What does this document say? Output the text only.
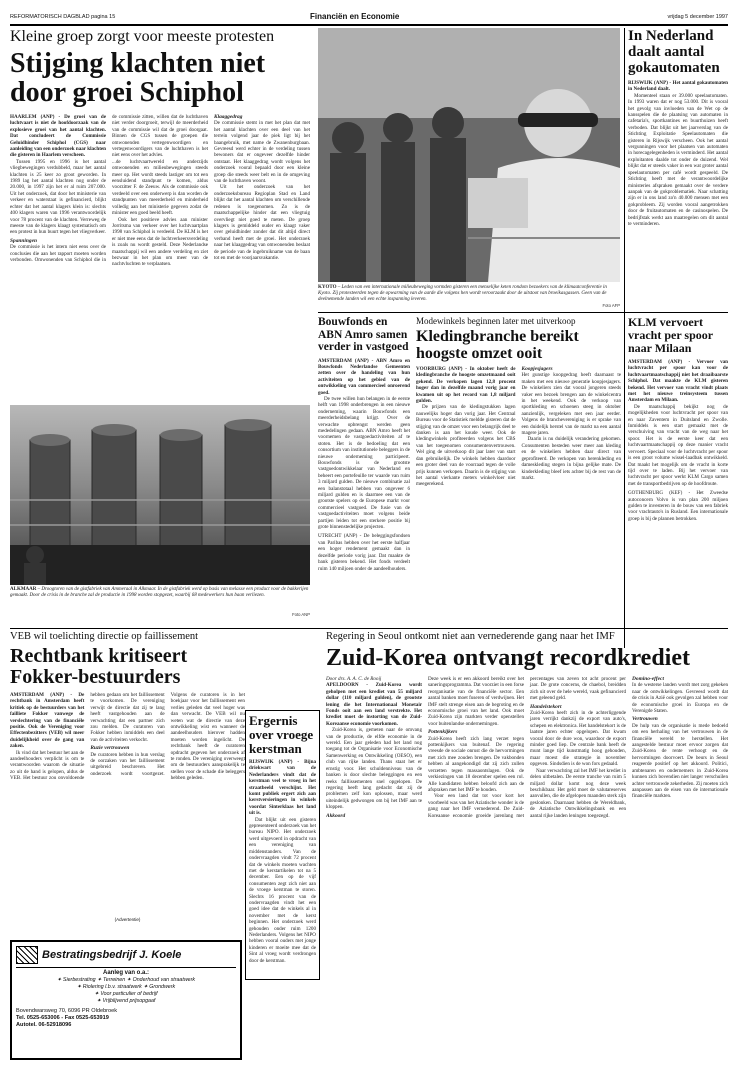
REFORMATORISCH DAGBLAD pagina 15	Financiën en Economie	vrijdag 5 december 1997
Kleine groep zorgt voor meeste protesten
Stijging klachten niet door groei Schiphol

HAARLEM (ANP) - De groei van de luchtvaart is niet de hoofdoorzaak van de explosieve groei van het aantal klachten. Dat concludeert de Commissie Geluidhinder Schiphol (CGS) naar aanleiding van een onderzoek naar klachten die gisteren in Haarlem verscheen.

Tussen 1995 en 1996 is het aantal vliegbewegingen verdubbeld, maar het aantal klachten is 25 keer zo groot geworden. In 1989 lag het aantal klachten nog onder de 20.000, in 1997 zijn het er al ruim 207.000. Uit het onderzoek, dat door het ministerie van verkeer en waterstaat is gefinancierd, blijkt echter dat het aantal klagers klein is: slechts 400 klagers waren van 1996 verantwoordelijk voor 78 procent van de klachten. Verreweg de meeste van de klagers klaagt systematisch om een protest in hun buurt tegen het vliegverkeer.

Spanningen

De commissie is het intern niet eens over de conclusies die aan het rapport moeten worden verbonden. Omwonenden van Schiphol die in de commissie zitten, willen dat de luchthaven niet verder doorgroeit, terwijl de meerderheid van de commissie wil dat de groei doorgaat. Binnen de CGS tussen de groepen die omwonenden vertegenwoordigen en vertegenwoordigers van de luchthaven is het niet eens over het advies.

...de luchtvaartwereld en anderzijds omwonenden en milieubewegingen steeds meer op. Het wordt steeds lastiger om tot een eensluidend standpunt te komen, aldus voorzitter F. de Zeeuw. Als de commissie ook verdeeld over een onderwerp is dan worden de standpunten van meerderheid en minderheid volledig aan het ministerie gegeven zodat de minister een goed beeld heeft.

Ook het positieve advies aan minister Jorritsma van verkeer over het luchtvaartplan 1998 van Schiphol is verdeeld. De KLM is het er niet mee eens dat de luchtverkeersverdeling is zoals nu wordt gesteld. Deze Nederlandse maatschappij wil een andere verdeling en ziet bezwaar in het plan om meer van de nachtvluchten te verplaatsen.

Klaaggedrag

De commissie stemt in met het plan dat met het aantal klachten over een deel van het terrein volgend jaar de piek ligt bij het baangebruik, met name de Zwanenburgbaan. Gevreesd werd echter in de verdeling tussen bewoners dat er ongeveer dezelfde hinder ontstaat. Het klaaggedrag wordt volgens het onderzoek vooral bepaald door een kleine groep die steeds weer belt en in de omgeving van de luchthaven woont.

Uit het onderzoek van het onderzoeksbureau Regioplan Stad en Land blijkt dat het aantal klachten om verschillende redenen is toegenomen. Zo is de maatschappelijke hinder dat een vliegtuig overvliegt niet goed te meten. De groep klagers is gemiddeld ouder en klaagt vaker over geluidhinder zonder dat dit altijd direct verband heeft met de groei. Het onderzoek naar het klaaggedrag van omwonenden beslaat de periode van de ingebruikname van de baan tot en met de voorjaarsvakantie.

ALKMAAR – Droogtoren van de gistfabriek van Ammeraal in Alkmaar. In de gistfabriek werd op basis van melasse een product voor de bakkerijen gemaakt. Door de crisis in de branche zal de productie in 1998 worden stopgezet, waarbij 68 medewerkers hun baan verliezen.
Foto ANP
KYOTO – Leden van een internationale milieubeweging vormden gisteren een menselijke keten rondom bezoekers van de klimaatconferentie in Kyoto. Zij protesteerden tegen de opwarming van de aarde die volgens hen wordt veroorzaakt door de uitstoot van broeikasgassen. Geen van de deelnemende landen wil een echte inspanning leveren.
Foto AFP
In Nederland daalt aantal gokautomaten

RIJSWIJK (ANP) - Het aantal gokautomaten in Nederland daalt.

Momenteel staan er 39.000 speelautomaten. In 1993 waren dat er nog 53.000. Dit is vooral het gevolg van invloeden van de Wet op de kansspelen die de plaatsing van automaten in cafetaria's, sportkantines en buurthuizen heeft verboden. Dat blijkt uit het jaarverslag van de Stichting Exploitatie Speelautomaten die gisteren in Rijswijk verscheen. Ook het aantal vergunningen voor het plaatsen van automaten in horecagelegenheden is verminderd. Het aantal exploitanten daalde tot onder de duizend. Wel blijkt dat er steeds vaker in een wat groter aantal speelautomaten per café wordt gespeeld. De Stichting heeft met de verantwoordelijke ministeries afspraken gemaakt over de verdere aanpak van de gokproblematiek. Naar schatting zijn er in ons land zo'n 40.000 mensen met een gokprobleem. Zij worden vooral aangetrokken door de fruitautomaten en de casinospelen. De bedrijfstak werkt aan maatregelen om dit aantal te verminderen.

Bouwfonds en ABN Amro samen verder in vastgoed

AMSTERDAM (ANP) - ABN Amro en Bouwfonds Nederlandse Gemeenten zetten over de handeling van hun activiteiten op het gebied van de ontwikkeling van commercieel onroerend goed.

De twee willen hun belangen in de eerste helft van 1998 onderbrengen in een nieuwe onderneming, waarin Bouwfonds een meerderheidsbelang krijgt. Over de verwachte opbrengst werden geen mededelingen gedaan. ABN Amro heeft het voornemen de vastgoedactiviteiten af te stoten. Het is de bedoeling dat een consortium van institutionele beleggers in de nieuwe onderneming participeert. Bouwfonds is de grootste vastgoedontwikkelaar van Nederland en beheert een portefeuille ter waarde van ruim 3 miljard gulden. De nieuwe combinatie zal een balanstotaal hebben van ongeveer 6 miljard gulden en is daarmee een van de grootste spelers op de Europese markt voor commercieel vastgoed. De fusie van de vastgoedactiviteiten moet volgens beide partijen leiden tot een sterkere positie bij grote binnenstedelijke projecten.

UTRECHT (ANP) - De beleggingsfondsen van Paribas hebben over het eerste halfjaar een hoger rendement gemaakt dan in dezelfde periode vorig jaar. Dat maakte de bank gisteren bekend. Het fonds verdeelt ruim 140 miljoen onder de aandeelhouders.

Modewinkels beginnen later met uitverkoop
Kledingbranche bereikt hoogste omzet ooit

VOORBURG (ANP) - In oktober heeft de kledingbranche de hoogste omzetmaand ooit gekend. De verkopen lagen 12,8 procent hoger dan in dezelfde maand vorig jaar en kwamen uit op het record van 1,8 miljard gulden.

De prijzen van de kledingstukken lagen nauwelijks hoger dan vorig jaar. Het Centraal Bureau voor de Statistiek meldde gisteren dat de stijging van de omzet voor een belangrijk deel te danken is aan het koude weer. Ook de kledingwinkels profiteerden volgens het CBS van het toegenomen consumentenvertrouwen. Wel ging de uitverkoop dit jaar later van start dan gebruikelijk. De winkels hebben daardoor een groter deel van de voorraad tegen de volle prijs kunnen verkopen. Daarin is de stijging van het aantal vierkante meters winkelvloer niet meegerekend.

Koopjesjagers

Het gunstige koopgedrag heeft daarnaast te maken met een nieuwe generatie koopjesjagers. De winkeliers zien dat vooral jongeren steeds vaker een bezoek brengen aan de winkelcentra in het weekend. Ook de verkoop van sportkleding en schoenen steeg in oktober aanzienlijk, vergeleken met een jaar eerder. Volgens de branchevereniging is er sprake van een duidelijk herstel van de markt na een aantal magere jaren.

Daarin is nu duidelijk verandering gekomen. Consumenten besteden weer meer aan kleding en de winkeliers hebben daar direct van geprofiteerd. De verkopen van herenkleding en dameskleding stegen in bijna gelijke mate. De kinderkleding bleef iets achter bij de rest van de markt.

KLM vervoert vracht per spoor naar Milaan

AMSTERDAM (ANP) - Vervoer van luchtvracht per spoor kan voor de luchtvaartmaatschappij niet het draaibaarste Schiphol. Dat maakte de KLM gisteren bekend. Het vervoer van vracht vindt plaats met het nieuwe treinsysteem tussen Amsterdam en Milaan.

De maatschappij bekijkt nog de mogelijkheden voor luchtvracht per spoor van en naar Zaventem in Duitsland en Zwolle. Inmiddels is een start gemaakt met de verschuiving van vracht van de weg naar het spoor. Het is de eerste keer dat een luchtvaartmaatschappij op deze manier vracht vervoert. Speciaal voor de luchtvracht per spoor is een groot volume wissel-laadbak ontwikkeld. Dat maakt het mogelijk om de vracht in korte tijd over te laden. Bij het vervoer van luchtvracht per spoor werkt KLM Cargo samen met de transportbedrijven op de hoofdroute.

GOTHENBURG (KEF) - Het Zweedse autoconcern Volvo is van plan 200 miljoen gulden te investeren in de bouw van een fabriek voor vrachtauto's in Rusland. Een internationale groep is bij de plannen betrokken.

VEB wil toelichting directie op faillissement
Rechtbank kritiseert Fokker-bestuurders

AMSTERDAM (ANP) - De rechtbank in Amsterdam heeft kritiek op de bestuurders van het failliete Fokker vanwege de verslechtering van de financiële positie. Ook de Vereniging voor Effectenbezitters (VEB) wil meer duidelijkheid over de gang van zaken.

Ik vind dat het bestuur het aan de aandeelhouders verplicht is om te verantwoorden waarom de situatie zo uit de hand is gelopen, aldus de VEB. Het bestuur zou onvoldoende hebben gedaan om het faillissement te voorkomen. De vereniging verwijt de directie dat zij te lang heeft vastgehouden aan de verwachting dat een partner zich zou melden. De curatoren van Fokker hebben inmiddels een deel van de activiteiten verkocht.

Ruzie vertrouwen

De curatoren hebben in hun verslag de oorzaken van het faillissement uitgebreid beschreven. Het onderzoek wordt voortgezet. Volgens de curatoren is in het boekjaar voor het faillissement een verlies geleden dat veel hoger was dan verwacht. De VEB wil nu weten wat de directie van deze ontwikkeling wist en wanneer de aandeelhouders hierover hadden moeten worden ingelicht. De rechtbank heeft de curatoren opdracht gegeven het onderzoek af te ronden. De vereniging overweegt om de bestuurders aansprakelijk te stellen voor de schade die beleggers hebben geleden.

(Advertentie)
Ergernis over vroege kerstman

RIJSWIJK (ANP) - Bijna driekwart van de Nederlanders vindt dat de kerstman veel te vroeg in het straatbeeld verschijnt. Het komt publiek ergert zich aan kerstversieringen in winkels voordat Sinterklaas het land uit is.

Dat blijkt uit een gisteren gepresenteerd onderzoek van het bureau NIPO. Het onderzoek werd uitgevoerd in opdracht van een vereniging van middenstanders. Van de ondervraagden vindt 72 procent dat de winkels moeten wachten met de kerstartikelen tot na 5 december. Een op de vijf consumenten zegt zich niet aan de vroege kerstman te storen. Slechts 16 procent van de ondervraagden vindt het een goed idee dat de winkels al in november met de kerst beginnen. Het onderzoek werd gehouden onder ruim 1200 Nederlanders. Volgens het NIPO hebben vooral ouders met jonge kinderen er moeite mee dat de Sint al vroeg wordt verdrongen door de kerstman.

Bestratingsbedrijf J. Koele
Aanleg van o.a.:
✦ Sierbestrating ✦ Terreinen ✦ Onderhoud van straatwerk
✦ Riolering l.b.v. straatwerk ✦ Grondwerk
✦ Voor particulier of bedrijf
✦ Vrijblijvend prijsopgaaf
Bovendwarsweg 70, 6096 PR Oldebroek
Tel. 0525-653006 - Fax 0525-653919
Autotel. 06-52918096
Regering in Seoul ontkomt niet aan vernederende gang naar het IMF
Zuid-Korea ontvangt recordkrediet

Door drs. A. A. C. de Rooij

APELDOORN - Zuid-Korea wordt geholpen met een krediet van 55 miljard dollar (110 miljard gulden), de grootste lening die het Internationaal Monetair Fonds ooit aan een land verstrekte. Het krediet moet de instorting van de Zuid-Koreaanse economie voorkomen.

Zuid-Korea is, gemeten naar de omvang van de productie, de elfde economie in de wereld. Een jaar geleden had het land nog toegang tot de Organisatie voor Economische Samenwerking en Ontwikkeling (OESO), een club van rijke landen. Thans staat het er ernstig voor. Het schuldenniveau van de banken is door slechte beleggingen en een reeks faillissementen snel opgelopen. De regering heeft lang gedacht dat zij de problemen zelf kon oplossen, maar werd uiteindelijk gedwongen om bij het IMF aan te kloppen.

Akkoord

Deze week is er een akkoord bereikt over het saneringsprogramma. Dat voorziet in een forse reorganisatie van de financiële sector. Een aantal banken moet fuseren of verdwijnen. Het IMF stelt strenge eisen aan de begroting en de economische groei van het land. Ook moet Zuid-Korea zijn markten verder openstellen voor buitenlandse ondernemingen.

Pottenkijkers

Zuid-Korea heeft zich lang verzet tegen pottenkijkers van buitenaf. De regering vreesde de sociale onrust die de hervormingen met zich mee zouden brengen. De vakbonden hebben al aangekondigd dat zij zich zullen verzetten tegen massaontslagen. Ook de verkiezingen van 18 december spelen een rol. Alle kandidaten hebben beloofd zich aan de afspraken met het IMF te houden.

Voor een land dat tot voor kort het voorbeeld was van het Aziatische wonder is de gang naar het IMF vernederend. De Zuid-Koreaanse economie groeide jarenlang met percentages van zeven tot acht procent per jaar. De grote concerns, de chaebol, breidden zich uit over de hele wereld, vaak gefinancierd met geleend geld.

Handelstekort

Zuid-Korea heeft zich in de achterliggende jaren verrijkt dankzij de export van auto's, schepen en elektronica. Het handelstekort is de laatste jaren echter opgelopen. Dat kwam vooral door de dure won, waardoor de export minder goed liep. De centrale bank heeft de munt lange tijd kunstmatig hoog gehouden, maar moest die strategie in november opgeven. Sindsdien is de won fors gedaald.

Naar verwachting zal het IMF het krediet in delen uitbetalen. De eerste tranche van ruim 5 miljard dollar komt nog deze week beschikbaar. Het geld moet de valutareserves aanvullen, die de afgelopen maanden sterk zijn geslonken. Daarnaast hebben de Wereldbank, de Aziatische Ontwikkelingsbank en een aantal rijke landen leningen toegezegd.

Domino-effect

In de westerse landen wordt met zorg gekeken naar de ontwikkelingen. Gevreesd wordt dat de crisis in Azië ook gevolgen zal hebben voor de economische groei in Europa en de Verenigde Staten.

Vertrouwen

De hulp van de organisatie is mede bedoeld om een herhaling van het vertrouwen in de financiële wereld te herstellen. Het aangestelde bestuur moet ervoor zorgen dat Zuid-Korea de rente verhoogt en de hervormingen doorvoert. De beurs in Seoul reageerde positief op het akkoord. Politici, ambtenaren en ondernemers in Zuid-Korea kunnen zich bovendien niet langer verschuilen achter vertrouwde zekerheden. Zij moeten zich aanpassen aan de eisen van de internationale financiële markten.
